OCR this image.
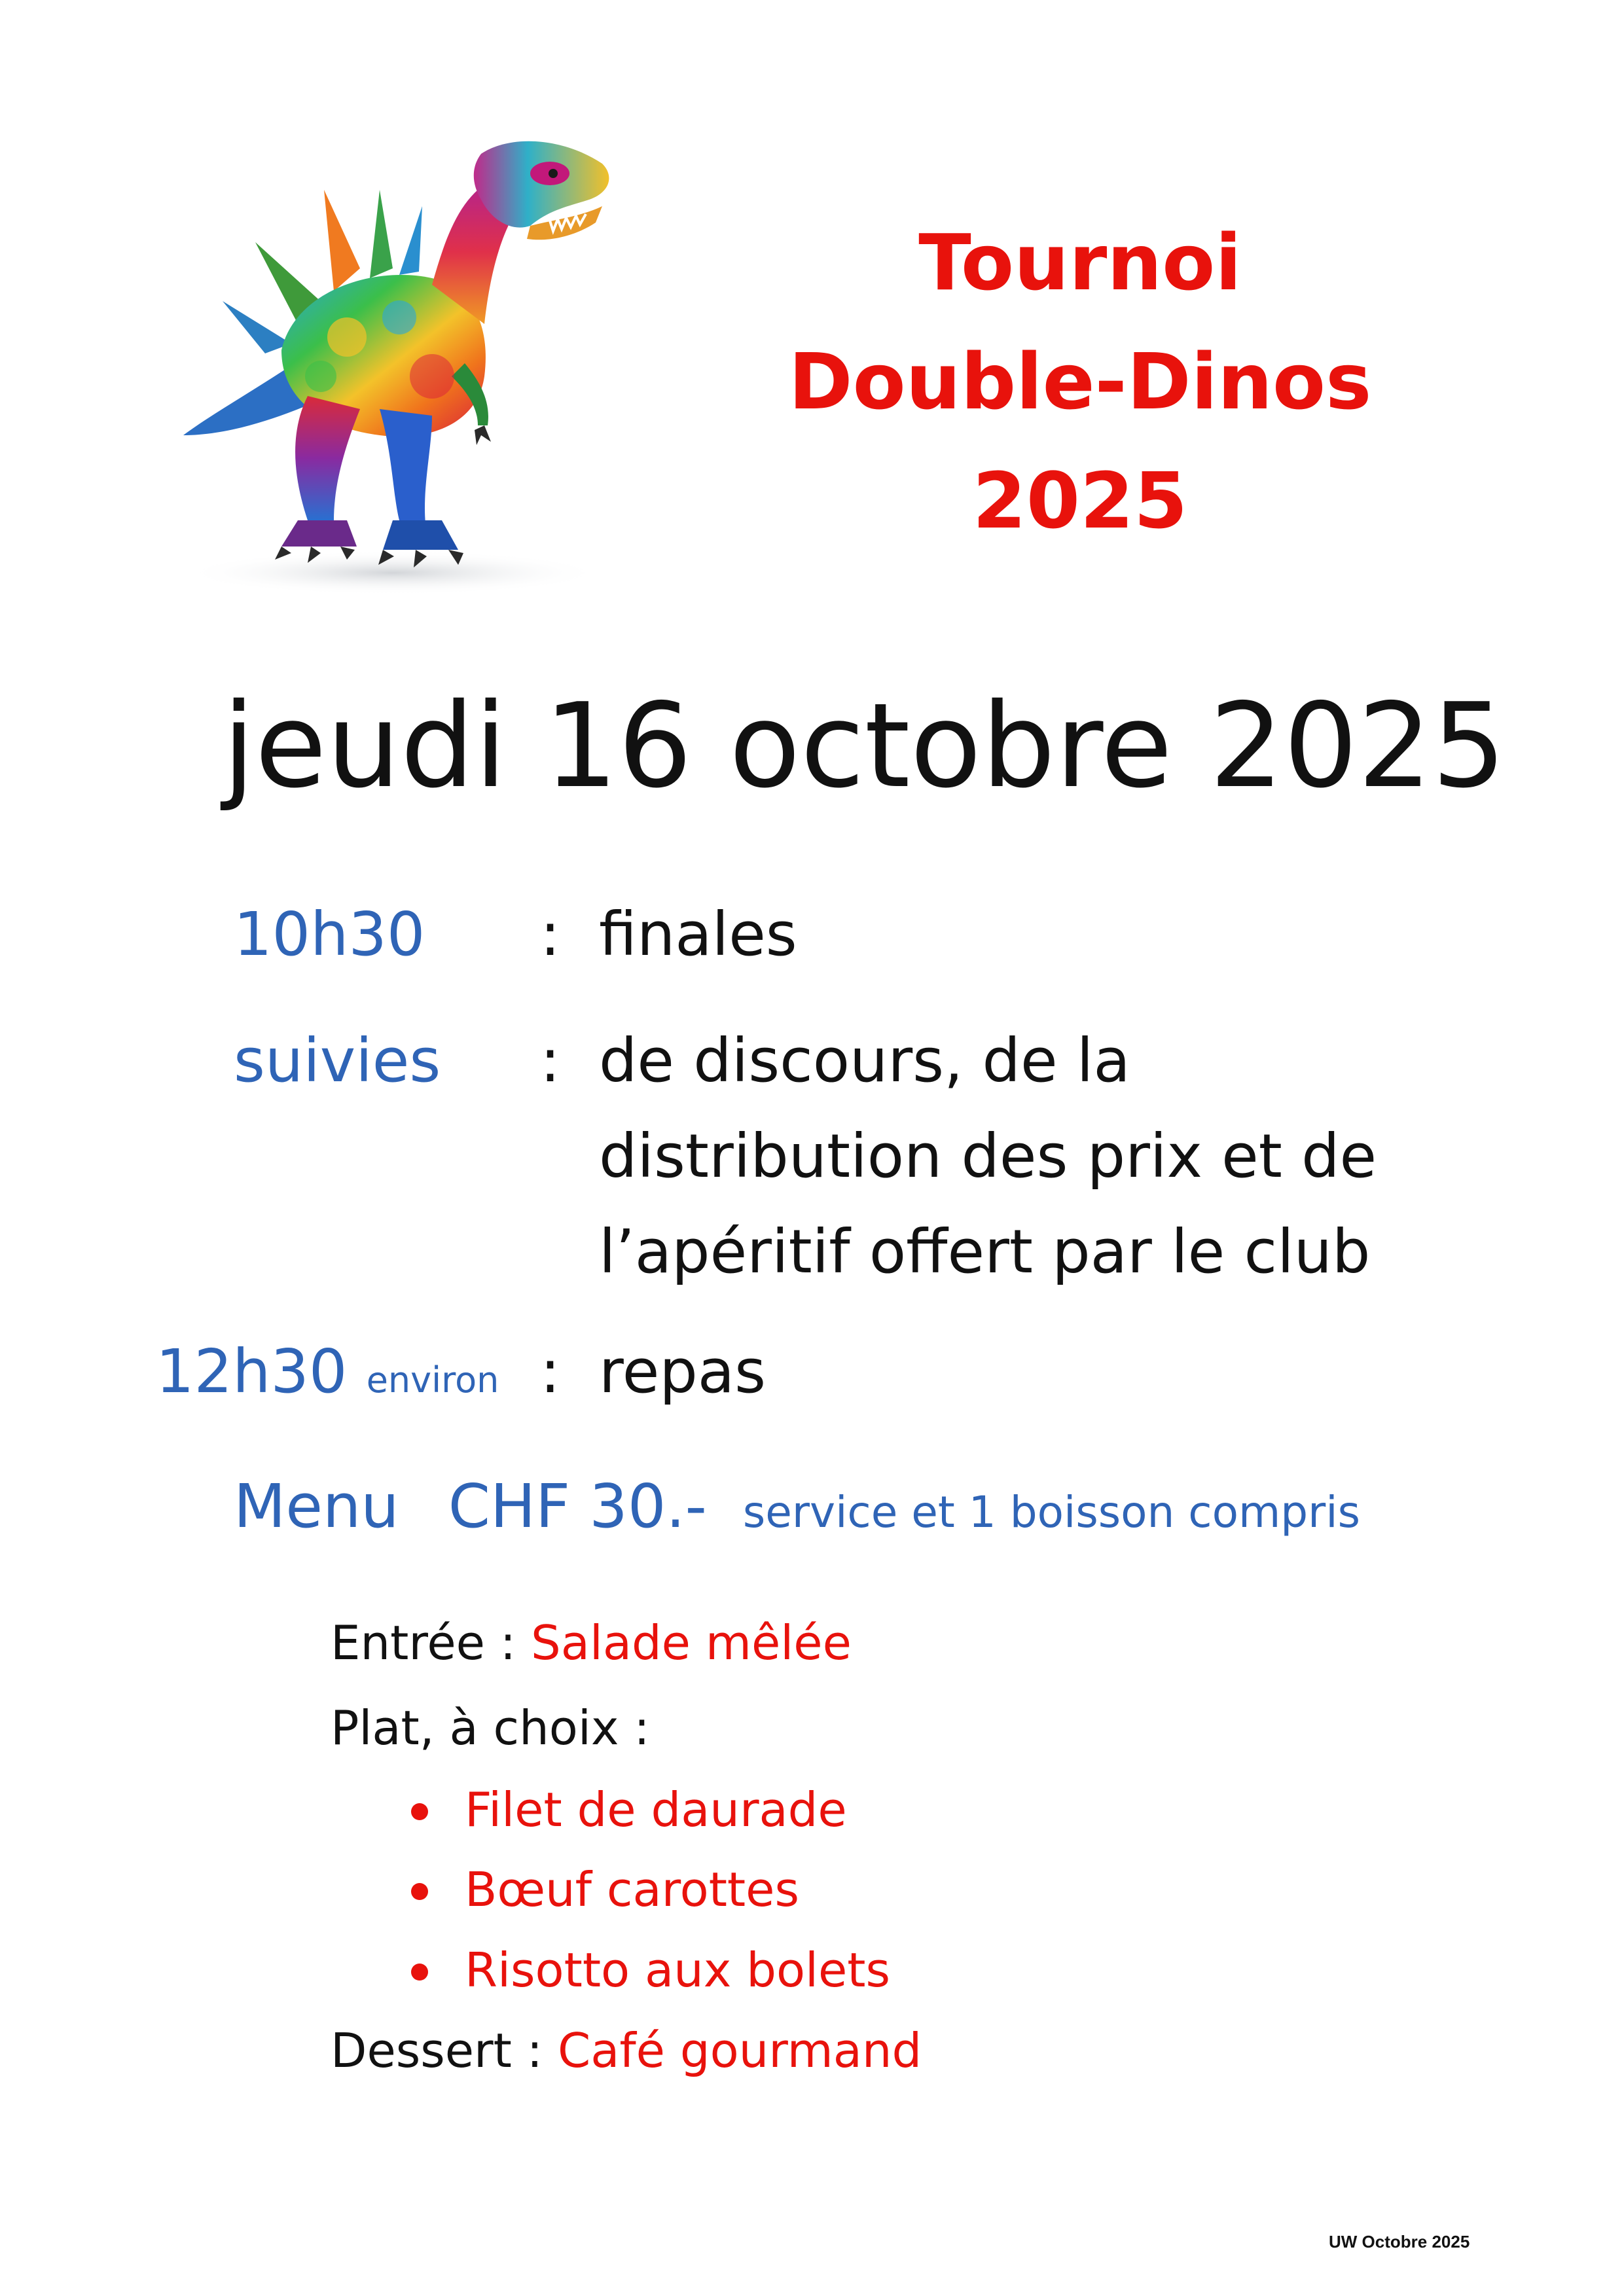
Tournoi
Double-Dinos
2025
jeudi 16 octobre 2025
10h30 : finales
suivies : de discours, de la
distribution des prix et de
l’apéritif offert par le club
12h30 environ : repas
Menu CHF 30.- service et 1 boisson compris
Entrée : Salade mêlée
Plat, à choix :
Filet de daurade
Bœuf carottes
Risotto aux bolets
Dessert : Café gourmand
UW Octobre 2025
